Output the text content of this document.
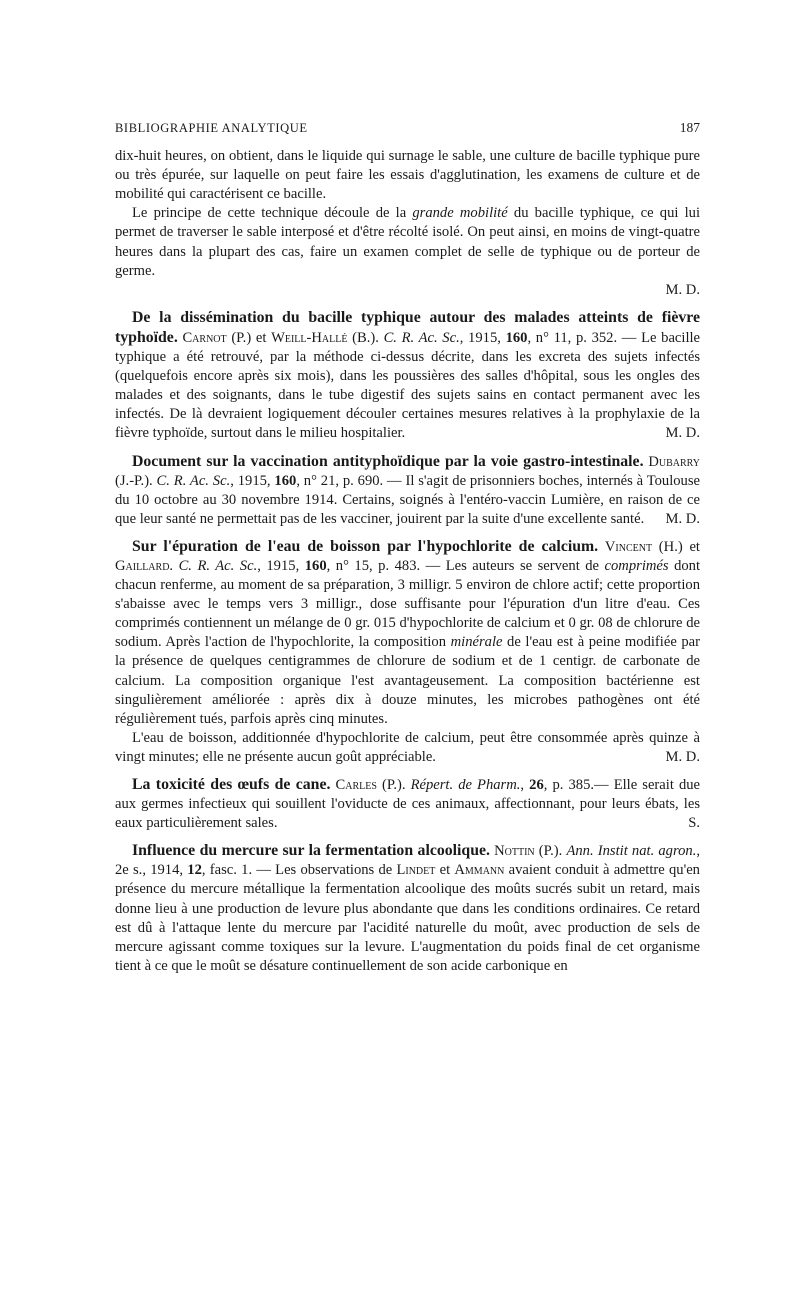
BIBLIOGRAPHIE ANALYTIQUE	187

dix-huit heures, on obtient, dans le liquide qui surnage le sable, une culture de bacille typhique pure ou très épurée, sur laquelle on peut faire les essais d'agglutination, les examens de culture et de mobilité qui caractérisent ce bacille.

Le principe de cette technique découle de la grande mobilité du bacille typhique, ce qui lui permet de traverser le sable interposé et d'être récolté isolé. On peut ainsi, en moins de vingt-quatre heures dans la plupart des cas, faire un examen complet de selle de typhique ou de porteur de germe.

M. D.

De la dissémination du bacille typhique autour des malades atteints de fièvre typhoïde. Carnot (P.) et Weill-Hallé (B.). C. R. Ac. Sc., 1915, 160, n° 11, p. 352. — Le bacille typhique a été retrouvé, par la méthode ci-dessus décrite, dans les excreta des sujets infectés (quelquefois encore après six mois), dans les poussières des salles d'hôpital, sous les ongles des malades et des soignants, dans le tube digestif des sujets sains en contact permanent avec les infectés. De là devraient logiquement découler certaines mesures relatives à la prophylaxie de la fièvre typhoïde, surtout dans le milieu hospitalier.	M. D.

Document sur la vaccination antityphoïdique par la voie gastro-intestinale. Dubarry (J.-P.). C. R. Ac. Sc., 1915, 160, n° 21, p. 690. — Il s'agit de prisonniers boches, internés à Toulouse du 10 octobre au 30 novembre 1914. Certains, soignés à l'entéro-vaccin Lumière, en raison de ce que leur santé ne permettait pas de les vacciner, jouirent par la suite d'une excellente santé.	M. D.

Sur l'épuration de l'eau de boisson par l'hypochlorite de calcium. Vincent (H.) et Gaillard. C. R. Ac. Sc., 1915, 160, n° 15, p. 483. — Les auteurs se servent de comprimés dont chacun renferme, au moment de sa préparation, 3 milligr. 5 environ de chlore actif; cette proportion s'abaisse avec le temps vers 3 milligr., dose suffisante pour l'épuration d'un litre d'eau. Ces comprimés contiennent un mélange de 0 gr. 015 d'hypochlorite de calcium et 0 gr. 08 de chlorure de sodium. Après l'action de l'hypochlorite, la composition minérale de l'eau est à peine modifiée par la présence de quelques centigrammes de chlorure de sodium et de 1 centigr. de carbonate de calcium. La composition organique l'est avantageusement. La composition bactérienne est singulièrement améliorée : après dix à douze minutes, les microbes pathogènes ont été régulièrement tués, parfois après cinq minutes.

L'eau de boisson, additionnée d'hypochlorite de calcium, peut être consommée après quinze à vingt minutes; elle ne présente aucun goût appréciable.	M. D.

La toxicité des œufs de cane. Carles (P.). Répert. de Pharm., 26, p. 385.— Elle serait due aux germes infectieux qui souillent l'oviducte de ces animaux, affectionnant, pour leurs ébats, les eaux particulièrement sales.	S.

Influence du mercure sur la fermentation alcoolique. Nottin (P.). Ann. Instit nat. agron., 2e s., 1914, 12, fasc. 1. — Les observations de Lindet et Ammann avaient conduit à admettre qu'en présence du mercure métallique la fermentation alcoolique des moûts sucrés subit un retard, mais donne lieu à une production de levure plus abondante que dans les conditions ordinaires. Ce retard est dû à l'attaque lente du mercure par l'acidité naturelle du moût, avec production de sels de mercure agissant comme toxiques sur la levure. L'augmentation du poids final de cet organisme tient à ce que le moût se désature continuellement de son acide carbonique en
